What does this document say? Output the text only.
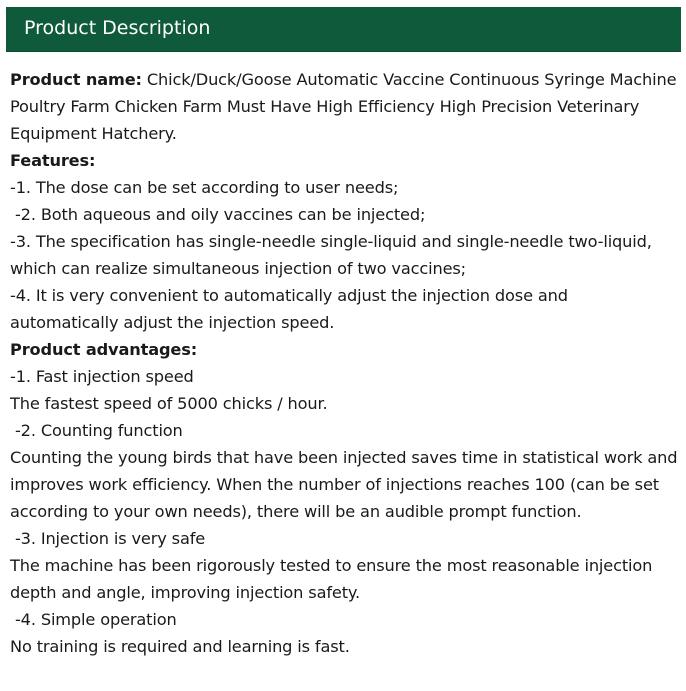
Product Description

Product name: Chick/Duck/Goose Automatic Vaccine Continuous Syringe Machine Poultry Farm Chicken Farm Must Have High Efficiency High Precision Veterinary Equipment Hatchery.

Features:

-1. The dose can be set according to user needs;

-2. Both aqueous and oily vaccines can be injected;

-3. The specification has single-needle single-liquid and single-needle two-liquid, which can realize simultaneous injection of two vaccines;

-4. It is very convenient to automatically adjust the injection dose and automatically adjust the injection speed.

Product advantages:

-1. Fast injection speed

The fastest speed of 5000 chicks / hour.

-2. Counting function

Counting the young birds that have been injected saves time in statistical work and improves work efficiency. When the number of injections reaches 100 (can be set according to your own needs), there will be an audible prompt function.

-3. Injection is very safe

The machine has been rigorously tested to ensure the most reasonable injection depth and angle, improving injection safety.

-4. Simple operation

No training is required and learning is fast.
